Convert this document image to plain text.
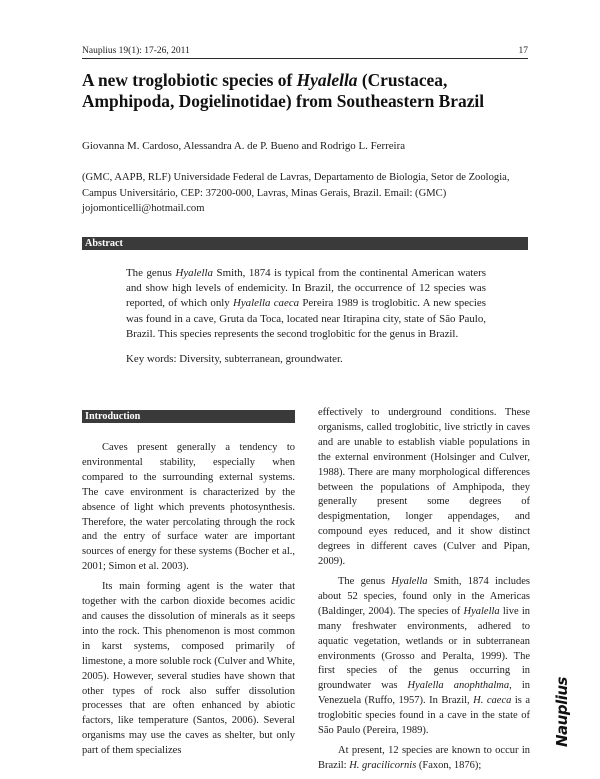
Nauplius 19(1): 17-26, 2011	17
A new troglobiotic species of Hyalella (Crustacea, Amphipoda, Dogielinotidae) from Southeastern Brazil
Giovanna M. Cardoso, Alessandra A. de P. Bueno and Rodrigo L. Ferreira
(GMC, AAPB, RLF) Universidade Federal de Lavras, Departamento de Biologia, Setor de Zoologia, Campus Universitário, CEP: 37200-000, Lavras, Minas Gerais, Brazil. Email: (GMC) jojomonticelli@hotmail.com
Abstract
The genus Hyalella Smith, 1874 is typical from the continental American waters and show high levels of endemicity. In Brazil, the occurrence of 12 species was reported, of which only Hyalella caeca Pereira 1989 is troglobitic. A new species was found in a cave, Gruta da Toca, located near Itirapina city, state of São Paulo, Brazil. This species represents the second troglobitic for the genus in Brazil.
Key words: Diversity, subterranean, groundwater.
Introduction

Caves present generally a tendency to environmental stability, especially when compared to the surrounding external systems. The cave environment is characterized by the absence of light which prevents photosynthesis. Therefore, the water percolating through the rock and the entry of surface water are important sources of energy for these systems (Bocher et al., 2001; Simon et al. 2003).

Its main forming agent is the water that together with the carbon dioxide becomes acidic and causes the dissolution of minerals as it seeps into the rock. This phenomenon is most common in karst systems, composed primarily of limestone, a more soluble rock (Culver and White, 2005). However, several studies have shown that other types of rock also suffer dissolution processes that are often enhanced by abiotic factors, like temperature (Santos, 2006). Several organisms may use the caves as shelter, but only part of them specializes

effectively to underground conditions. These organisms, called troglobitic, live strictly in caves and are unable to establish viable populations in the external environment (Holsinger and Culver, 1988). There are many morphological differences between the populations of Amphipoda, they generally present some degrees of despigmentation, longer appendages, and compound eyes reduced, and it show distinct degrees in different caves (Culver and Pipan, 2009).

The genus Hyalella Smith, 1874 includes about 52 species, found only in the Americas (Baldinger, 2004). The species of Hyalella live in many freshwater environments, adhered to aquatic vegetation, wetlands or in subterranean environments (Grosso and Peralta, 1999). The first species of the genus occurring in groundwater was Hyalella anophthalma, in Venezuela (Ruffo, 1957). In Brazil, H. caeca is a troglobitic species found in a cave in the state of São Paulo (Pereira, 1989).

At present, 12 species are known to occur in Brazil: H. gracilicornis (Faxon, 1876);

Nauplius
